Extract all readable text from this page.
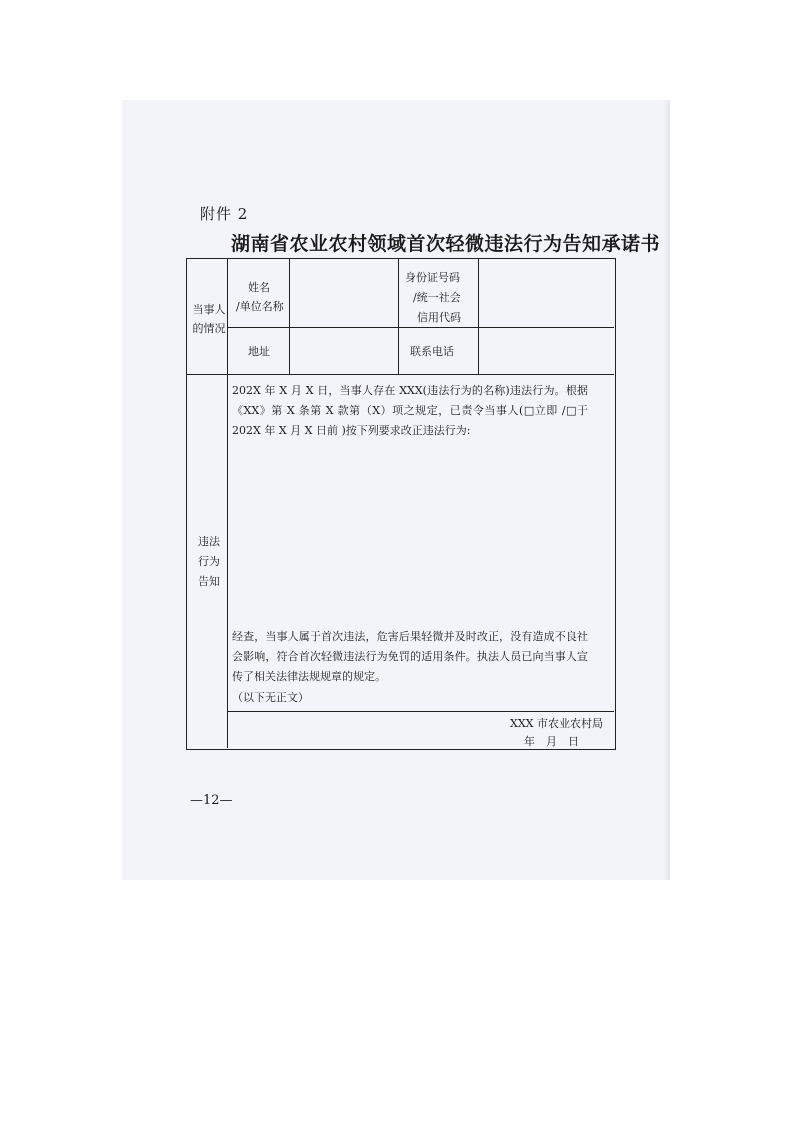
附件 2
湖南省农业农村领域首次轻微违法行为告知承诺书
当事人
的情况
姓名
/单位名称
身份证号码
/统一社会
信用代码
地址	联系电话
违法
行为
告知
202X 年 X 月 X 日，当事人存在 XXX(违法行为的名称)违法行为。根据《XX》第 X 条第 X 款第（X）项之规定，已责令当事人(□立即 /□于 202X 年 X 月 X 日前 )按下列要求改正违法行为:
经查，当事人属于首次违法，危害后果轻微并及时改正，没有造成不良社会影响，符合首次轻微违法行为免罚的适用条件。执法人员已向当事人宣传了相关法律法规规章的规定。
（以下无正文）
XXX 市农业农村局
年　月　日
—12—
